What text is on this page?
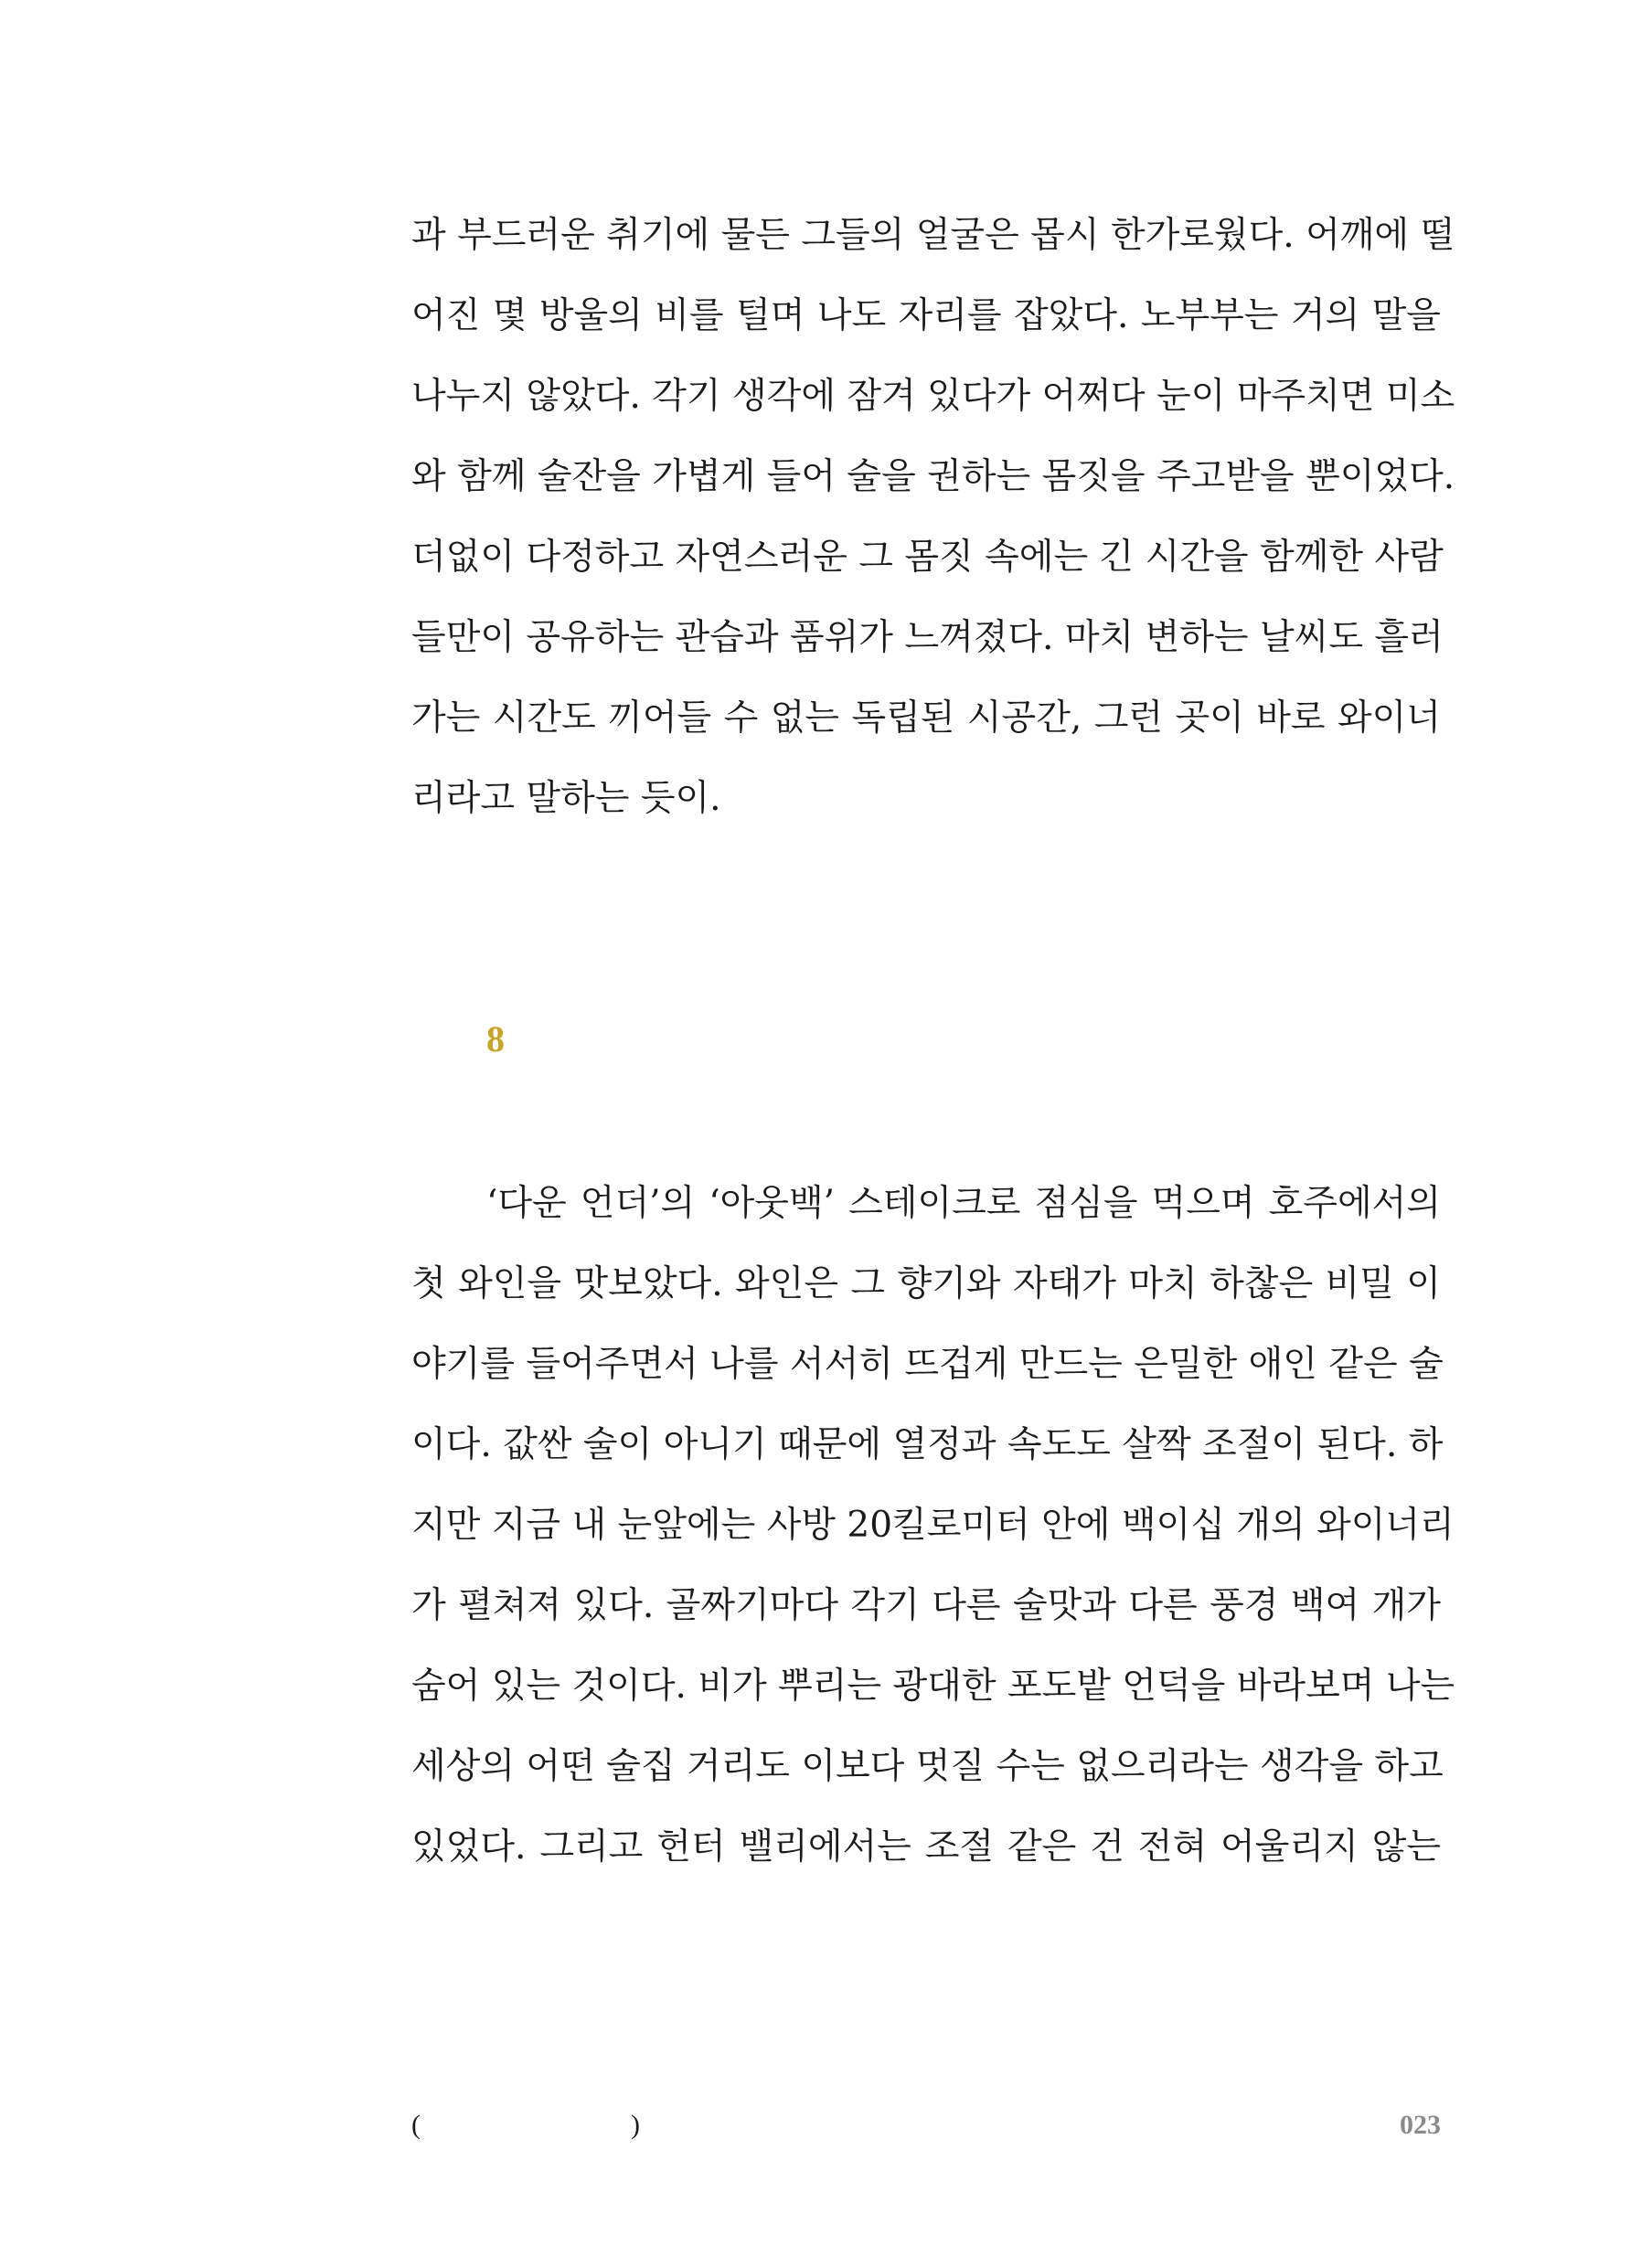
과 부드러운 취기에 물든 그들의 얼굴은 몹시 한가로웠다. 어깨에 떨
어진 몇 방울의 비를 털며 나도 자리를 잡았다. 노부부는 거의 말을
나누지 않았다. 각기 생각에 잠겨 있다가 어쩌다 눈이 마주치면 미소
와 함께 술잔을 가볍게 들어 술을 권하는 몸짓을 주고받을 뿐이었다.
더없이 다정하고 자연스러운 그 몸짓 속에는 긴 시간을 함께한 사람
들만이 공유하는 관습과 품위가 느껴졌다. 마치 변하는 날씨도 흘러
가는 시간도 끼어들 수 없는 독립된 시공간, 그런 곳이 바로 와이너
리라고 말하는 듯이.
8
‘다운 언더’의 ‘아웃백’ 스테이크로 점심을 먹으며 호주에서의
첫 와인을 맛보았다. 와인은 그 향기와 자태가 마치 하찮은 비밀 이
야기를 들어주면서 나를 서서히 뜨겁게 만드는 은밀한 애인 같은 술
이다. 값싼 술이 아니기 때문에 열정과 속도도 살짝 조절이 된다. 하
지만 지금 내 눈앞에는 사방 20킬로미터 안에 백이십 개의 와이너리
가 펼쳐져 있다. 골짜기마다 각기 다른 술맛과 다른 풍경 백여 개가
숨어 있는 것이다. 비가 뿌리는 광대한 포도밭 언덕을 바라보며 나는
세상의 어떤 술집 거리도 이보다 멋질 수는 없으리라는 생각을 하고
있었다. 그리고 헌터 밸리에서는 조절 같은 건 전혀 어울리지 않는
(	)	023
